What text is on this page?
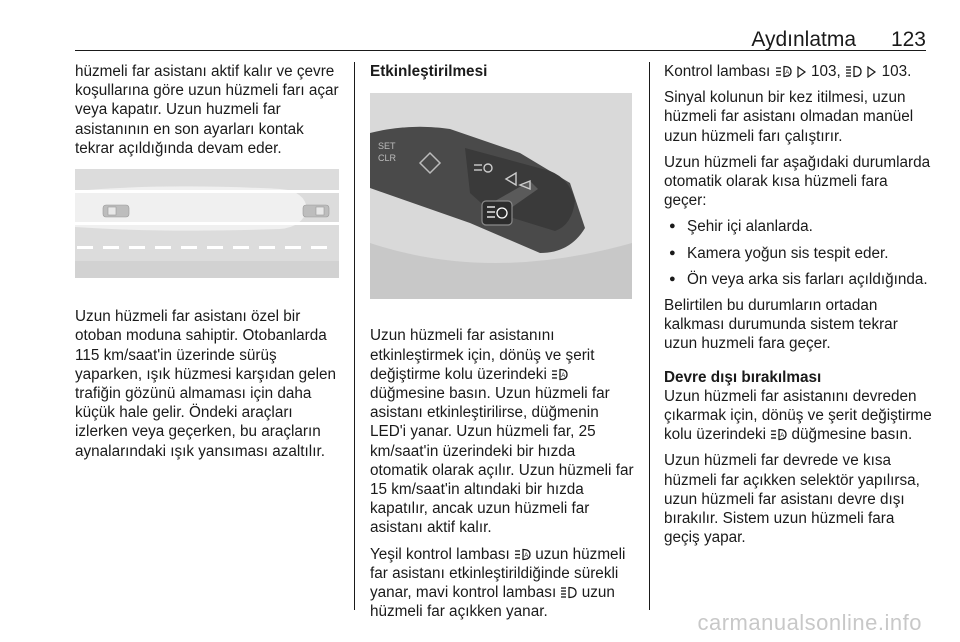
Aydınlatma 123

hüzmeli far asistanı aktif kalır ve çevre koşullarına göre uzun hüzmeli farı açar veya kapatır. Uzun huzmeli far asistanının en son ayarları kontak tekrar açıldığında devam eder.

Uzun hüzmeli far asistanı özel bir otoban moduna sahiptir. Otobanlarda 115 km/saat'in üzerinde sürüş yaparken, ışık hüzmesi karşıdan gelen trafiğin gözünü almaması için daha küçük hale gelir. Öndeki araçları izlerken veya geçerken, bu araçların aynalarındaki ışık yansıması azaltılır.

Etkinleştirilmesi

SET
CLR

Uzun hüzmeli far asistanını etkinleştirmek için, dönüş ve şerit değiştirme kolu üzerindeki A
düğmesine basın. Uzun hüzmeli far asistanı etkinleştirilirse, düğmenin LED'i yanar. Uzun hüzmeli far, 25 km/saat'in üzerindeki bir hızda otomatik olarak açılır. Uzun hüzmeli far 15 km/saat'in altındaki bir hızda kapatılır, ancak uzun hüzmeli far asistanı aktif kalır.

Yeşil kontrol lambası A uzun hüzmeli far asistanı etkinleştirildiğinde sürekli yanar, mavi kontrol lambası uzun hüzmeli far açıkken yanar.

Kontrol lambası A 103,	103.

Sinyal kolunun bir kez itilmesi, uzun hüzmeli far asistanı olmadan manüel uzun hüzmeli farı çalıştırır.

Uzun hüzmeli far aşağıdaki durumlarda otomatik olarak kısa hüzmeli fara geçer:

● Şehir içi alanlarda.
● Kamera yoğun sis tespit eder.
● Ön veya arka sis farları açıldığında.

Belirtilen bu durumların ortadan kalkması durumunda sistem tekrar uzun huzmeli fara geçer.

Devre dışı bırakılması

Uzun hüzmeli far asistanını devreden çıkarmak için, dönüş ve şerit değiştirme kolu üzerindeki A düğmesine basın.

Uzun hüzmeli far devrede ve kısa hüzmeli far açıkken selektör yapılırsa, uzun hüzmeli far asistanı devre dışı bırakılır. Sistem uzun hüzmeli fara geçiş yapar.

carmanualsonline.info
